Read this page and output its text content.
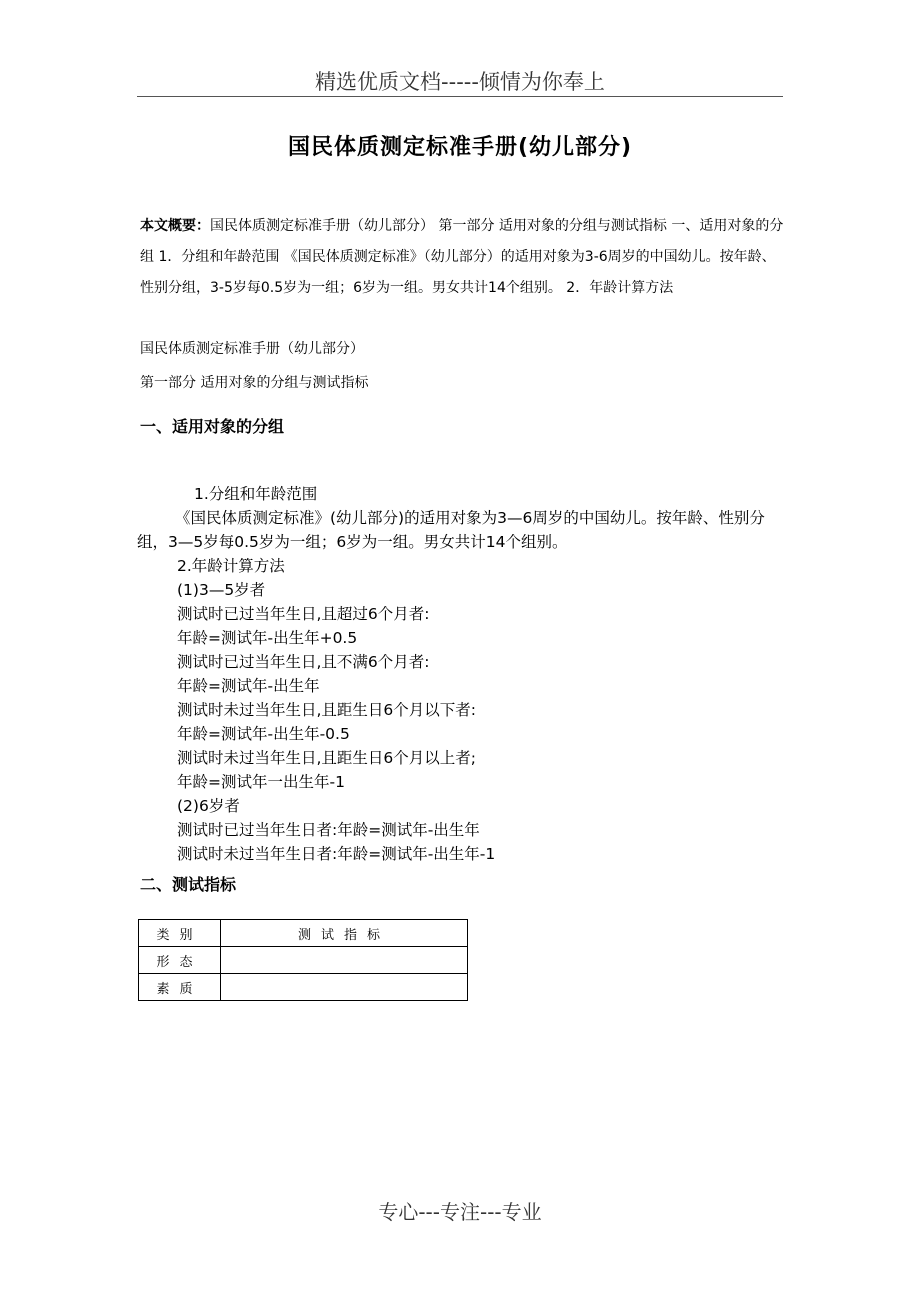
精选优质文档-----倾情为你奉上
国民体质测定标准手册(幼儿部分)
本文概要：国民体质测定标准手册（幼儿部分） 第一部分 适用对象的分组与测试指标 一、适用对象的分组 1．分组和年龄范围 《国民体质测定标准》（幼儿部分）的适用对象为3-6周岁的中国幼儿。按年龄、性别分组，3-5岁每0.5岁为一组；6岁为一组。男女共计14个组别。 2．年龄计算方法
国民体质测定标准手册（幼儿部分）
第一部分 适用对象的分组与测试指标
一、适用对象的分组

1.分组和年龄范围

《国民体质测定标准》(幼儿部分)的适用对象为3—6周岁的中国幼儿。按年龄、性别分组，3—5岁每0.5岁为一组；6岁为一组。男女共计14个组别。

2.年龄计算方法

(1)3—5岁者

测试时已过当年生日,且超过6个月者:

年龄=测试年-出生年+0.5

测试时已过当年生日,且不满6个月者:

年龄=测试年-出生年

测试时未过当年生日,且距生日6个月以下者:

年龄=测试年-出生年-0.5

测试时未过当年生日,且距生日6个月以上者;

年龄=测试年一出生年-1

(2)6岁者

测试时已过当年生日者:年龄=测试年-出生年

测试时未过当年生日者:年龄=测试年-出生年-1

二、测试指标
类别	测试指标
形态	
素质	
专心---专注---专业
